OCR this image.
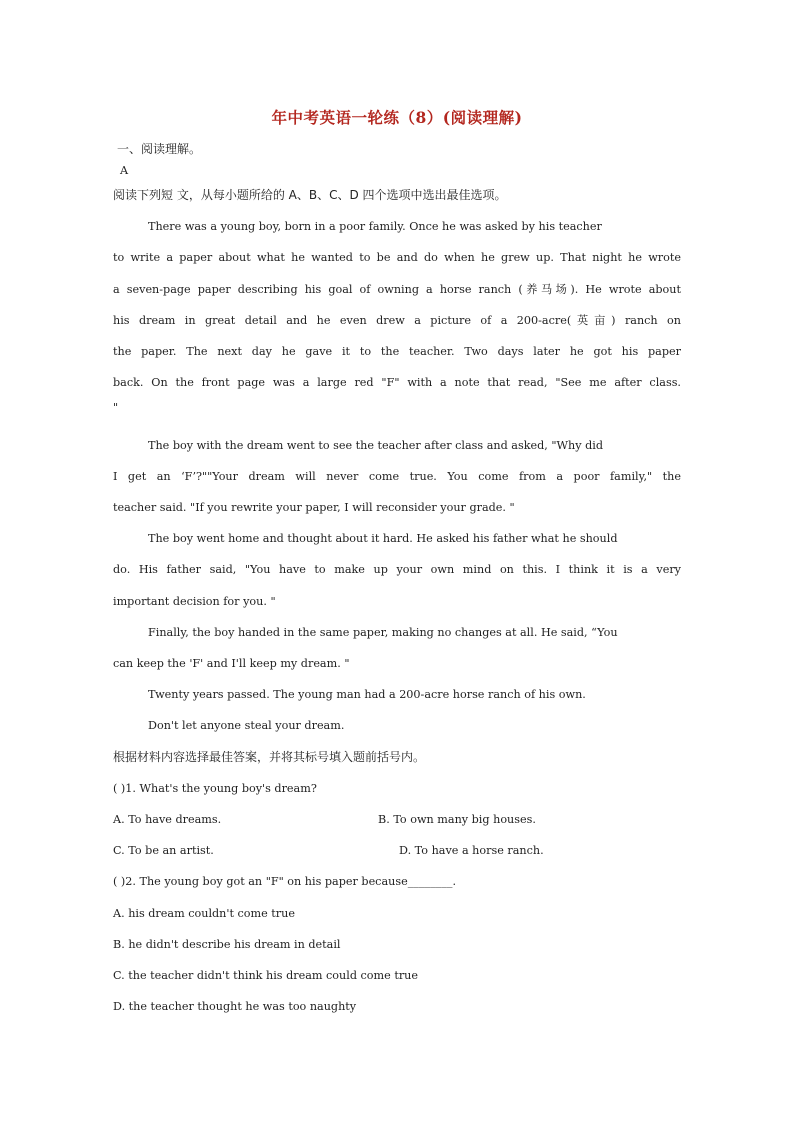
年中考英语一轮练（8）(阅读理解)
一、阅读理解。
A
阅读下列短 文，从每小题所给的 A、B、C、D 四个选项中选出最佳选项。
There was a young boy, born in a poor family. Once he was asked by his teacher
to write a paper about what he wanted to be and do when he grew up. That night he wrote
a seven-page paper describing his goal of owning a horse ranch (养马场). He wrote about
his dream in great detail and he even drew a picture of a 200-acre(英亩) ranch on
the paper. The next day he gave it to the teacher. Two days later he got his paper
back. On the front page was a large red "F" with a note that read, "See me after class.
"
The boy with the dream went to see the teacher after class and asked, "Why did
I get an ‘F’?""Your dream will never come true. You come from a poor family," the
teacher said. "If you rewrite your paper, I will reconsider your grade. "
The boy went home and thought about it hard. He asked his father what he should
do. His father said, "You have to make up your own mind on this. I think it is a very
important decision for you. "
Finally, the boy handed in the same paper, making no changes at all. He said, “You
can keep the 'F' and I'll keep my dream. "
Twenty years passed. The young man had a 200-acre horse ranch of his own.
Don't let anyone steal your dream.
根据材料内容选择最佳答案，并将其标号填入题前括号内。
( )1. What's the young boy's dream?
A. To have dreams.	B. To own many big houses.
C. To be an artist.	D. To have a horse ranch.
( )2. The young boy got an "F" on his paper because________.
A. his dream couldn't come true
B. he didn't describe his dream in detail
C. the teacher didn't think his dream could come true
D. the teacher thought he was too naughty
